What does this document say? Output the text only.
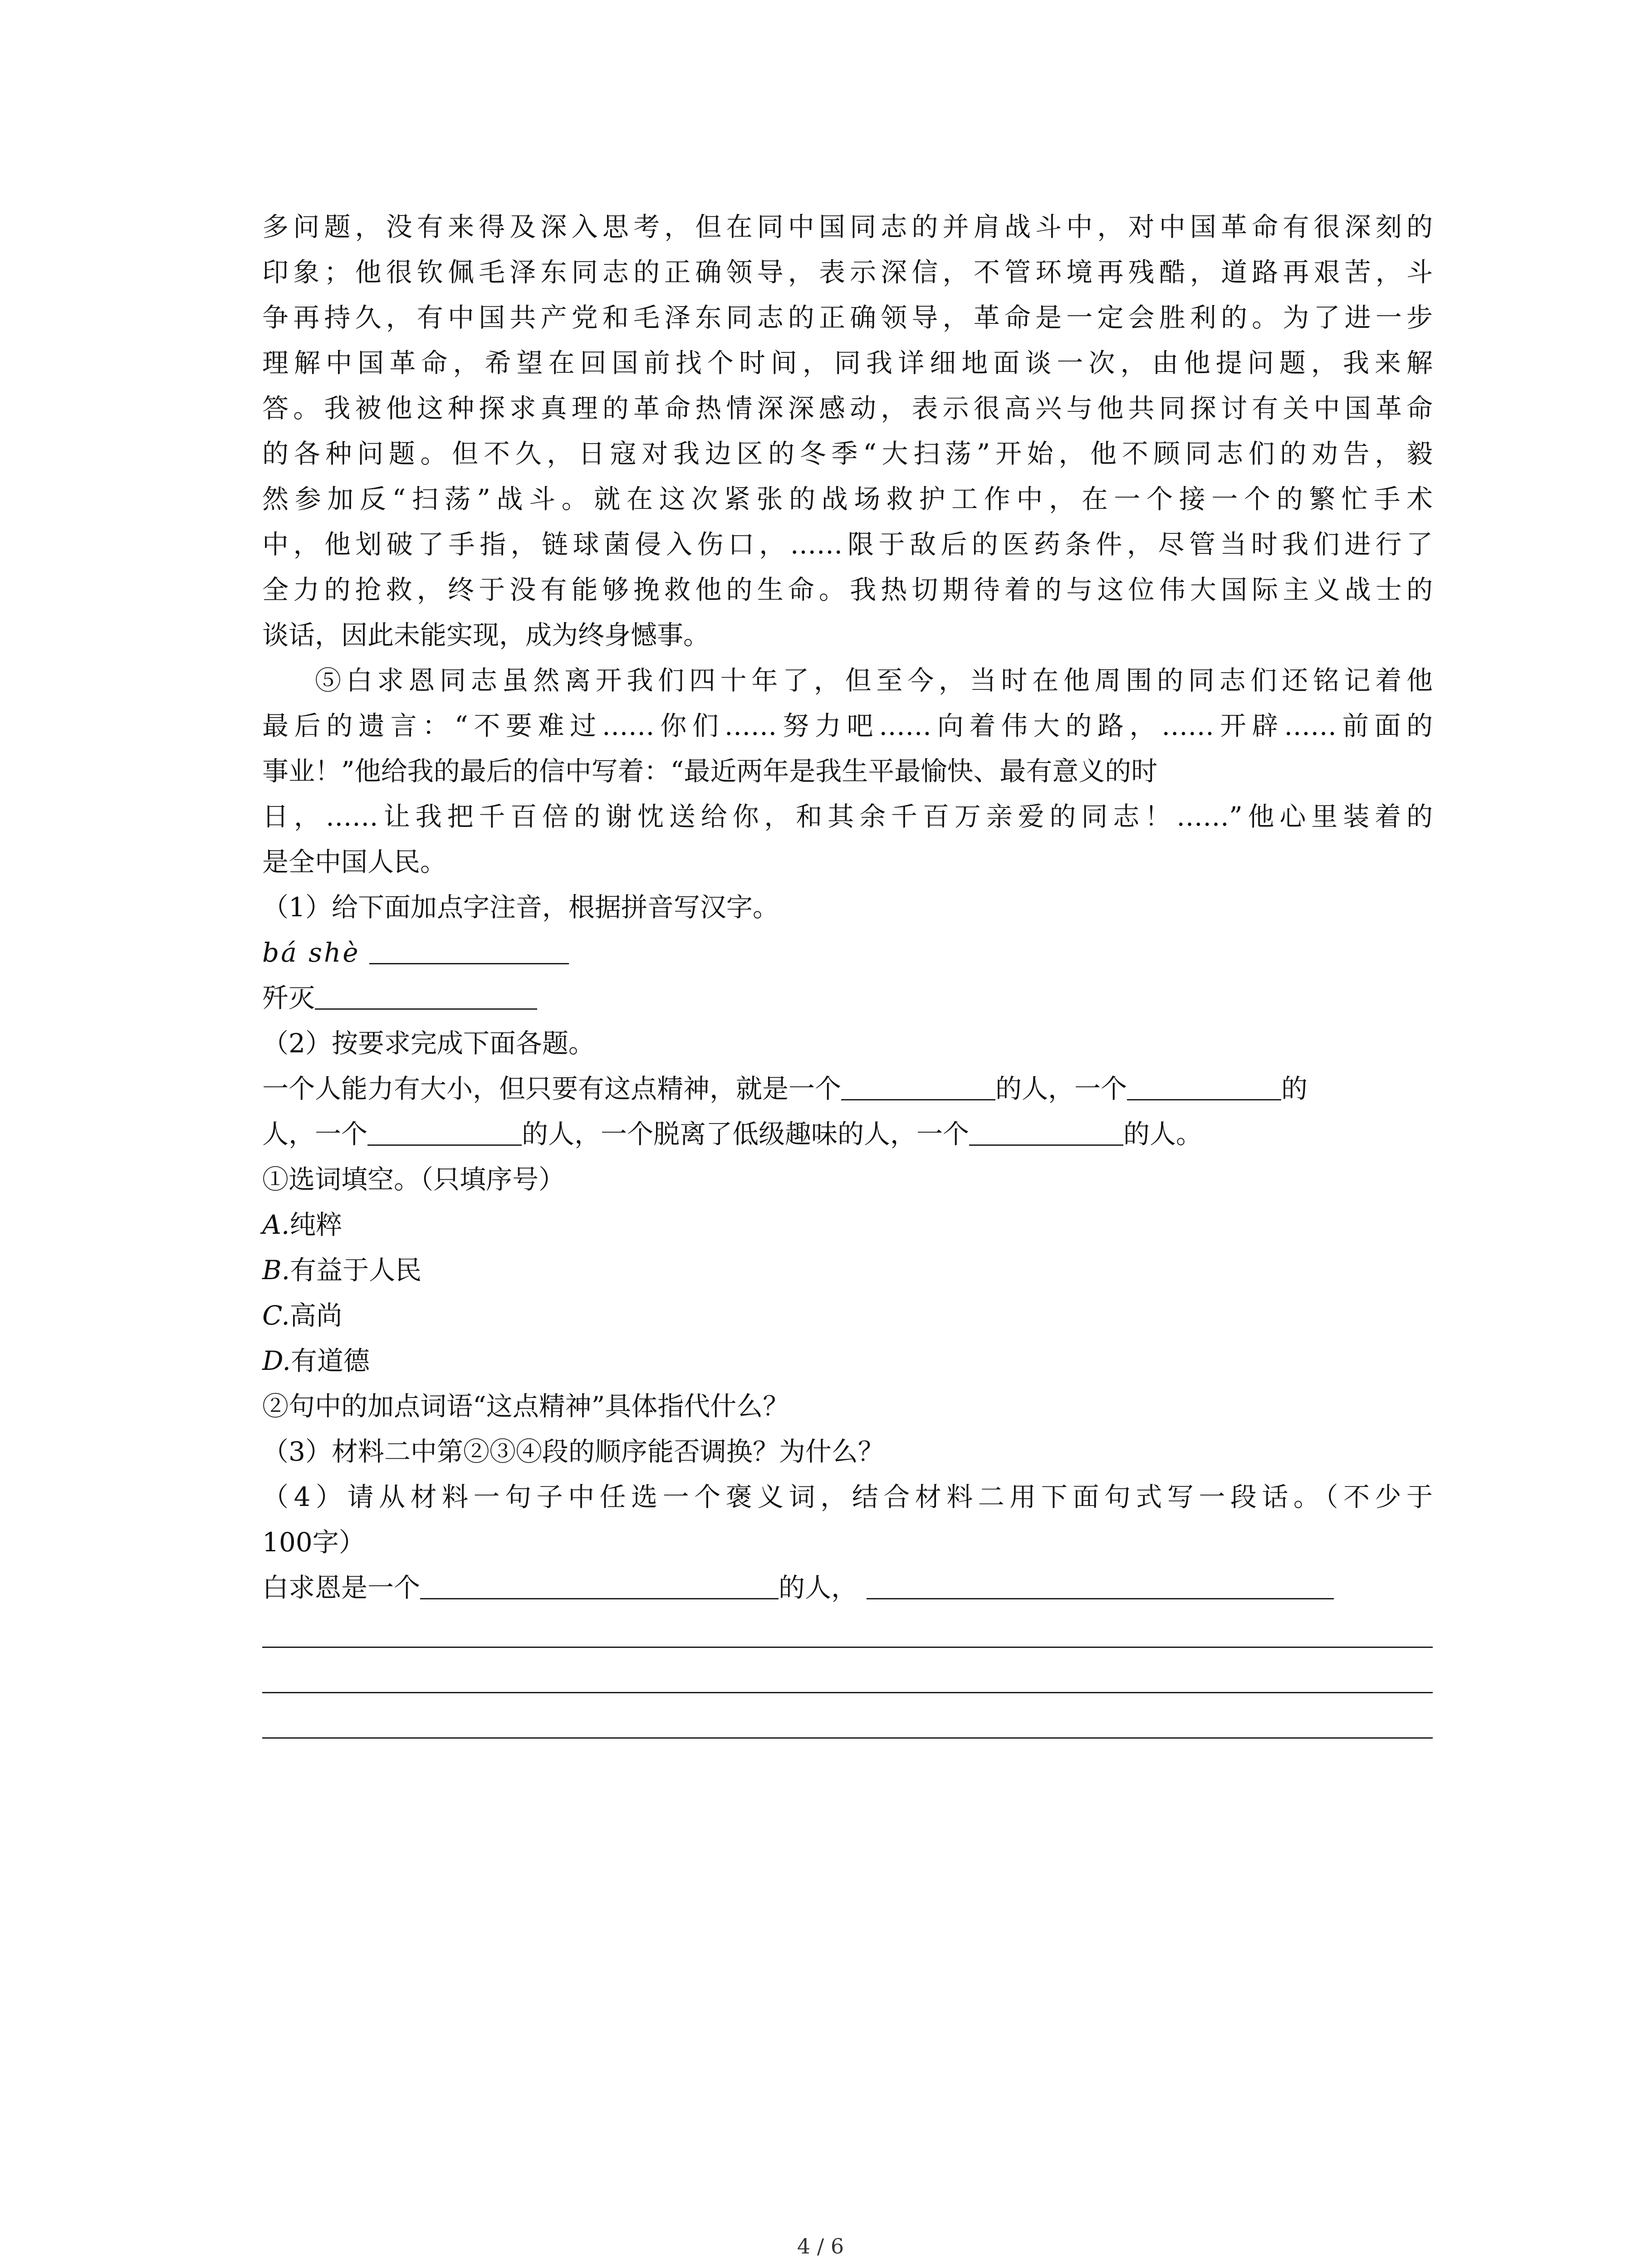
多问题，没有来得及深入思考，但在同中国同志的并肩战斗中，对中国革命有很深刻的

印象；他很钦佩毛泽东同志的正确领导，表示深信，不管环境再残酷，道路再艰苦，斗

争再持久，有中国共产党和毛泽东同志的正确领导，革命是一定会胜利的。为了进一步

理解中国革命，希望在回国前找个时间，同我详细地面谈一次，由他提问题，我来解

答。我被他这种探求真理的革命热情深深感动，表示很高兴与他共同探讨有关中国革命

的各种问题。但不久，日寇对我边区的冬季“大扫荡”开始，他不顾同志们的劝告，毅

然参加反“扫荡”战斗。就在这次紧张的战场救护工作中，在一个接一个的繁忙手术

中，他划破了手指，链球菌侵入伤口，……限于敌后的医药条件，尽管当时我们进行了

全力的抢救，终于没有能够挽救他的生命。我热切期待着的与这位伟大国际主义战士的

谈话，因此未能实现，成为终身憾事。

⑤白求恩同志虽然离开我们四十年了，但至今，当时在他周围的同志们还铭记着他

最后的遗言：“不要难过……你们……努力吧……向着伟大的路，……开辟……前面的

事业！”他给我的最后的信中写着：“最近两年是我生平最愉快、最有意义的时

日，……让我把千百倍的谢忱送给你，和其余千百万亲爱的同志！……”他心里装着的

是全中国人民。

（1）给下面加点字注音，根据拼音写汉字。

bá shè

歼灭

（2）按要求完成下面各题。

一个人能力有大小，但只要有这点精神，就是一个	的人，一个	的

人，一个	的人，一个脱离了低级趣味的人，一个	的人。

①选词填空。（只填序号）

A.纯粹

B.有益于人民

C.高尚

D.有道德

②句中的加点词语“这点精神”具体指代什么？

（3）材料二中第②③④段的顺序能否调换？为什么？

（4）请从材料一句子中任选一个褒义词，结合材料二用下面句式写一段话。（不少于

100字）

白求恩是一个	的人，

4 / 6
